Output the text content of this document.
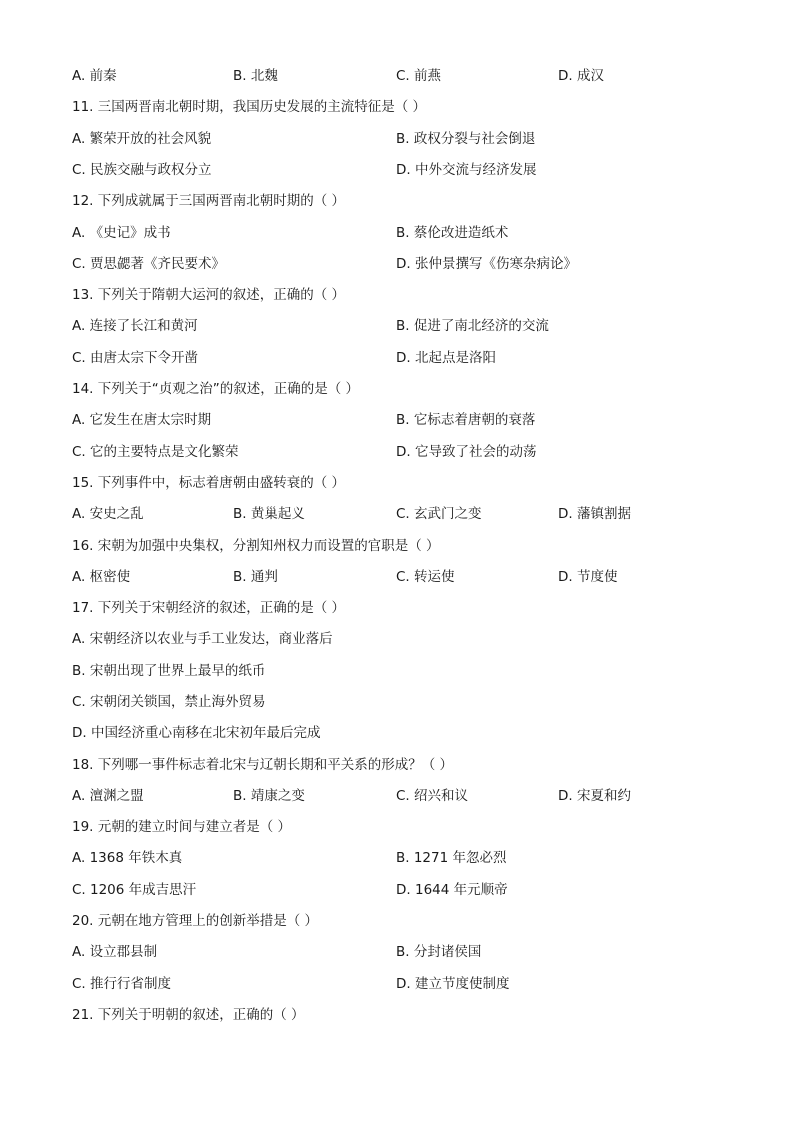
A. 前秦	B. 北魏	C. 前燕	D. 成汉
11. 三国两晋南北朝时期，我国历史发展的主流特征是（ ）
A. 繁荣开放的社会风貌	B. 政权分裂与社会倒退
C. 民族交融与政权分立	D. 中外交流与经济发展
12. 下列成就属于三国两晋南北朝时期的（ ）
A. 《史记》成书	B. 蔡伦改进造纸术
C. 贾思勰著《齐民要术》	D. 张仲景撰写《伤寒杂病论》
13. 下列关于隋朝大运河的叙述，正确的（ ）
A. 连接了长江和黄河	B. 促进了南北经济的交流
C. 由唐太宗下令开凿	D. 北起点是洛阳
14. 下列关于“贞观之治”的叙述，正确的是（ ）
A. 它发生在唐太宗时期	B. 它标志着唐朝的衰落
C. 它的主要特点是文化繁荣	D. 它导致了社会的动荡
15. 下列事件中，标志着唐朝由盛转衰的（ ）
A. 安史之乱	B. 黄巢起义	C. 玄武门之变	D. 藩镇割据
16. 宋朝为加强中央集权，分割知州权力而设置的官职是（ ）
A. 枢密使	B. 通判	C. 转运使	D. 节度使
17. 下列关于宋朝经济的叙述，正确的是（ ）
A. 宋朝经济以农业与手工业发达，商业落后
B. 宋朝出现了世界上最早的纸币
C. 宋朝闭关锁国，禁止海外贸易
D. 中国经济重心南移在北宋初年最后完成
18. 下列哪一事件标志着北宋与辽朝长期和平关系的形成？（ ）
A. 澶渊之盟	B. 靖康之变	C. 绍兴和议	D. 宋夏和约
19. 元朝的建立时间与建立者是（ ）
A. 1368 年铁木真	B. 1271 年忽必烈
C. 1206 年成吉思汗	D. 1644 年元顺帝
20. 元朝在地方管理上的创新举措是（ ）
A. 设立郡县制	B. 分封诸侯国
C. 推行行省制度	D. 建立节度使制度
21. 下列关于明朝的叙述，正确的（ ）
